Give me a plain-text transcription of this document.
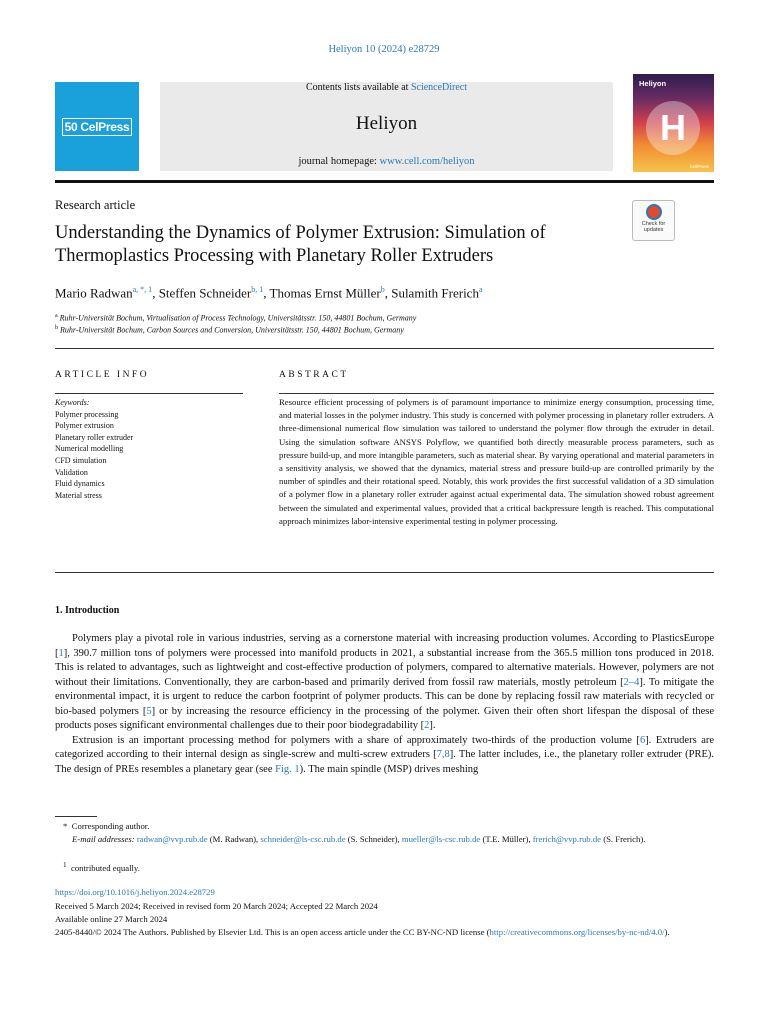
Heliyon 10 (2024) e28729
50 CelPress
Contents lists available at ScienceDirect
Heliyon
journal homepage: www.cell.com/heliyon
Heliyon
H
CellPress
Research article
Understanding the Dynamics of Polymer Extrusion: Simulation of Thermoplastics Processing with Planetary Roller Extruders
Check for updates
Mario Radwan$^{a, *, 1}$, Steffen Schneider$^{b, 1}$, Thomas Ernst Müller$^b$, Sulamith Frerich$^a$
$^a$ Ruhr-Universität Bochum, Virtualisation of Process Technology, Universitätsstr. 150, 44801 Bochum, Germany
$^b$ Ruhr-Universität Bochum, Carbon Sources and Conversion, Universitätsstr. 150, 44801 Bochum, Germany
ARTICLE INFO	ABSTRACT
Keywords:
Polymer processing
Polymer extrusion
Planetary roller extruder
Numerical modelling
CFD simulation
Validation
Fluid dynamics
Material stress
Resource efficient processing of polymers is of paramount importance to minimize energy consumption, processing time, and material losses in the polymer industry. This study is concerned with polymer processing in planetary roller extruders. A three-dimensional numerical flow simulation was tailored to understand the polymer flow through the extruder in detail. Using the simulation software ANSYS Polyflow, we quantified both directly measurable process parameters, such as pressure build-up, and more intangible parameters, such as material shear. By varying operational and material parameters in a sensitivity analysis, we showed that the dynamics, material stress and pressure build-up are controlled primarily by the number of spindles and their rotational speed. Notably, this work provides the first successful validation of a 3D simulation of a polymer flow in a planetary roller extruder against actual experimental data. The simulation showed robust agreement between the simulated and experimental values, provided that a critical backpressure length is reached. This computational approach minimizes labor-intensive experimental testing in polymer processing.
1. Introduction

Polymers play a pivotal role in various industries, serving as a cornerstone material with increasing production volumes. According to PlasticsEurope [1], 390.7 million tons of polymers were processed into manifold products in 2021, a substantial increase from the 365.5 million tons produced in 2018. This is related to advantages, such as lightweight and cost-effective production of polymers, compared to alternative materials. However, polymers are not without their limitations. Conventionally, they are carbon-based and primarily derived from fossil raw materials, mostly petroleum [2–4]. To mitigate the environmental impact, it is urgent to reduce the carbon footprint of polymer products. This can be done by replacing fossil raw materials with recycled or bio-based polymers [5] or by increasing the resource efficiency in the processing of the polymer. Given their often short lifespan the disposal of these products poses significant environmental challenges due to their poor biodegradability [2].

Extrusion is an important processing method for polymers with a share of approximately two-thirds of the production volume [6]. Extruders are categorized according to their internal design as single-screw and multi-screw extruders [7,8]. The latter includes, i.e., the planetary roller extruder (PRE). The design of PREs resembles a planetary gear (see Fig. 1). The main spindle (MSP) drives meshing

* Corresponding author.
E-mail addresses: radwan@vvp.rub.de (M. Radwan), schneider@ls-csc.rub.de (S. Schneider), mueller@ls-csc.rub.de (T.E. Müller), frerich@vvp.rub.de (S. Frerich).
$^1$ contributed equally.
https://doi.org/10.1016/j.heliyon.2024.e28729
Received 5 March 2024; Received in revised form 20 March 2024; Accepted 22 March 2024
Available online 27 March 2024
2405-8440/© 2024 The Authors. Published by Elsevier Ltd. This is an open access article under the CC BY-NC-ND license (http://creativecommons.org/licenses/by-nc-nd/4.0/).
